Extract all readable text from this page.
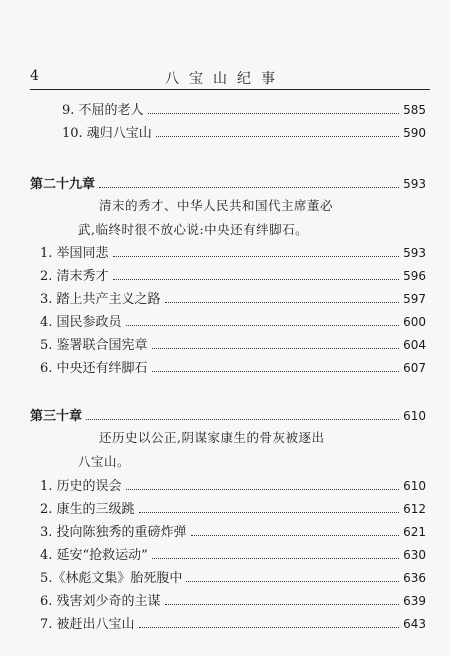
4	八宝山纪事
9. 不屈的老人	585
10. 魂归八宝山	590
第二十九章	593
清末的秀才、中华人民共和国代主席董必
武,临终时很不放心说:中央还有绊脚石。
1. 举国同悲	593
2. 清末秀才	596
3. 踏上共产主义之路	597
4. 国民参政员	600
5. 鉴署联合国宪章	604
6. 中央还有绊脚石	607
第三十章	610
还历史以公正,阴谋家康生的骨灰被逐出
八宝山。
1. 历史的误会	610
2. 康生的三级跳	612
3. 投向陈独秀的重磅炸弹	621
4. 延安“抢救运动”	630
5.《林彪文集》胎死腹中	636
6. 残害刘少奇的主谋	639
7. 被赶出八宝山	643
